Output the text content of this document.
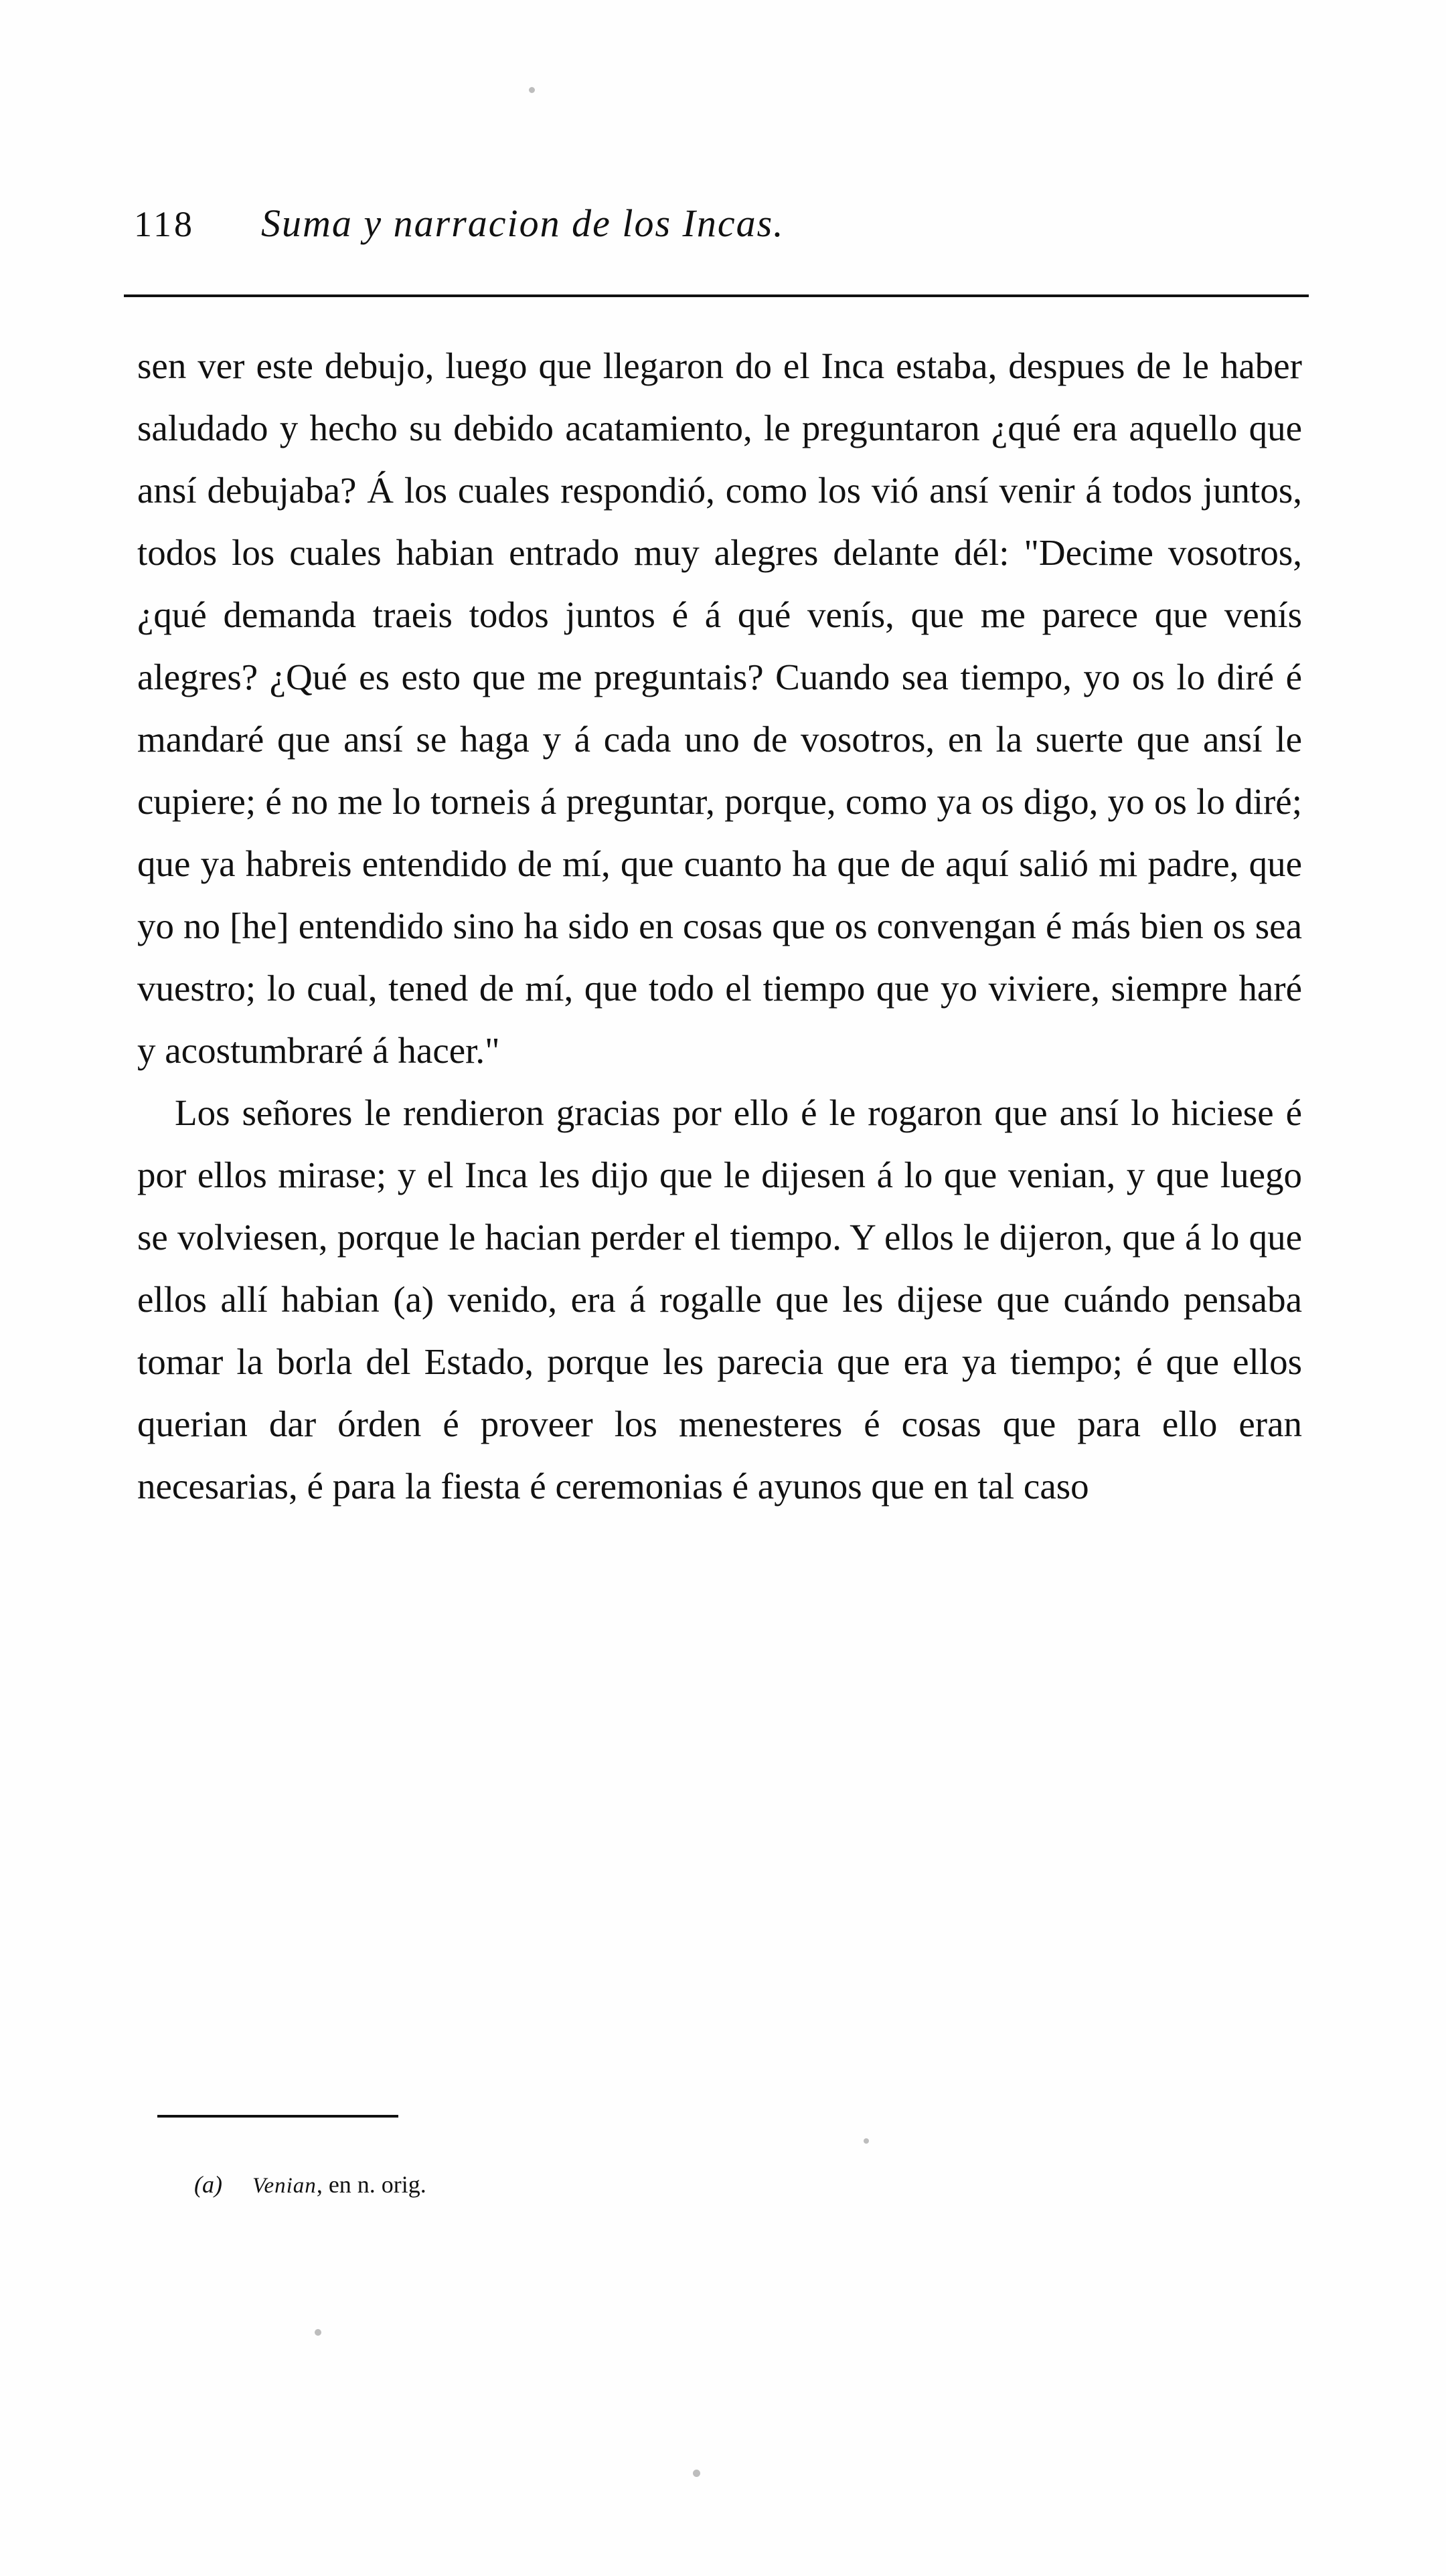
118	Suma y narracion de los Incas.

sen ver este debujo, luego que llegaron do el Inca estaba, despues de le haber saludado y hecho su debido acatamiento, le preguntaron ¿qué era aquello que ansí debujaba? Á los cuales respondió, como los vió ansí venir á todos juntos, todos los cuales habian entrado muy alegres delante dél: "Decime vosotros, ¿qué demanda traeis todos juntos é á qué venís, que me parece que venís alegres? ¿Qué es esto que me preguntais? Cuando sea tiempo, yo os lo diré é mandaré que ansí se haga y á cada uno de vosotros, en la suerte que ansí le cupiere; é no me lo torneis á preguntar, porque, como ya os digo, yo os lo diré; que ya habreis entendido de mí, que cuanto ha que de aquí salió mi padre, que yo no [he] entendido sino ha sido en cosas que os convengan é más bien os sea vuestro; lo cual, tened de mí, que todo el tiempo que yo viviere, siempre haré y acostumbraré á hacer."

Los señores le rendieron gracias por ello é le rogaron que ansí lo hiciese é por ellos mirase; y el Inca les dijo que le dijesen á lo que venian, y que luego se volviesen, porque le hacian perder el tiempo. Y ellos le dijeron, que á lo que ellos allí habian (a) venido, era á rogalle que les dijese que cuándo pensaba tomar la borla del Estado, porque les parecia que era ya tiempo; é que ellos querian dar órden é proveer los menesteres é cosas que para ello eran necesarias, é para la fiesta é ceremonias é ayunos que en tal caso

(a) Venian, en n. orig.
